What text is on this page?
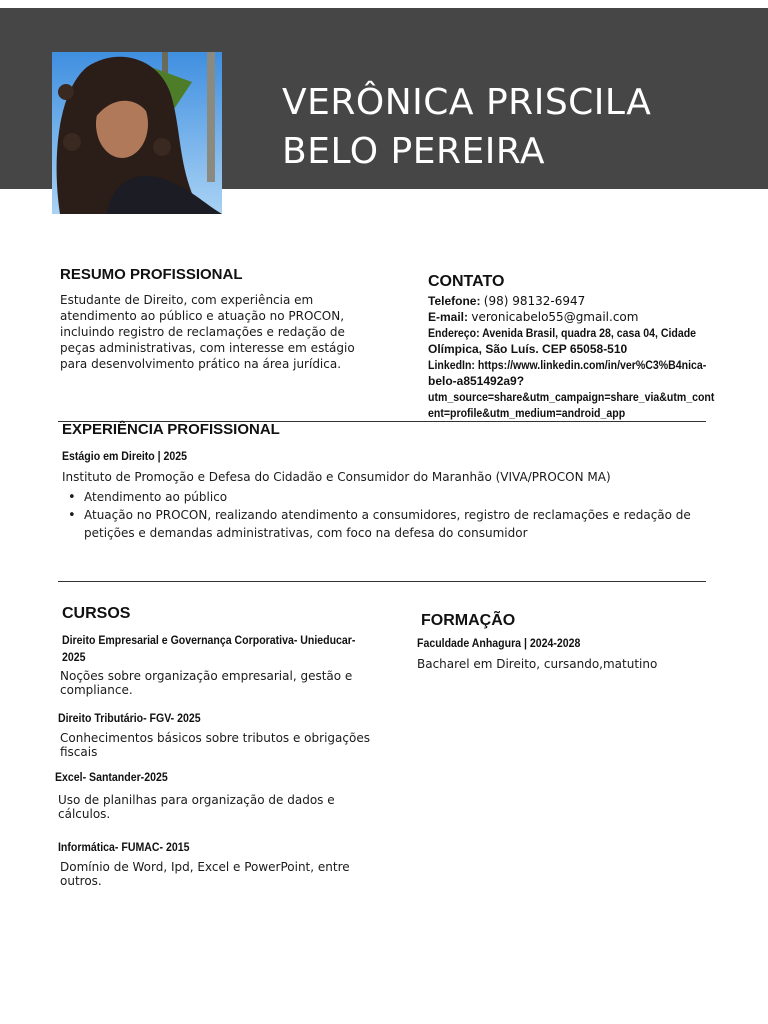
VERÔNICA PRISCILA
BELO PEREIRA
RESUMO PROFISSIONAL
Estudante de Direito, com experiência em atendimento ao público e atuação no PROCON, incluindo registro de reclamações e redação de peças administrativas, com interesse em estágio para desenvolvimento prático na área jurídica.
CONTATO
Telefone: (98) 98132-6947
E-mail: veronicabelo55@gmail.com
Endereço: Avenida Brasil, quadra 28, casa 04, Cidade
Olímpica, São Luís. CEP 65058-510
LinkedIn: https://www.linkedin.com/in/ver%C3%B4nica-
belo-a851492a9?
utm_source=share&utm_campaign=share_via&utm_cont
ent=profile&utm_medium=android_app
EXPERIÊNCIA PROFISSIONAL
Estágio em Direito | 2025
Instituto de Promoção e Defesa do Cidadão e Consumidor do Maranhão (VIVA/PROCON MA)
• Atendimento ao público
• Atuação no PROCON, realizando atendimento a consumidores, registro de reclamações e redação de petições e demandas administrativas, com foco na defesa do consumidor
CURSOS
Direito Empresarial e Governança Corporativa- Unieducar-
2025
Noções sobre organização empresarial, gestão e compliance.
Direito Tributário- FGV- 2025
Conhecimentos básicos sobre tributos e obrigações fiscais
Excel- Santander-2025
Uso de planilhas para organização de dados e cálculos.
Informática- FUMAC- 2015
Domínio de Word, Ipd, Excel e PowerPoint, entre outros.
FORMAÇÃO
Faculdade Anhagura | 2024-2028
Bacharel em Direito, cursando,matutino
